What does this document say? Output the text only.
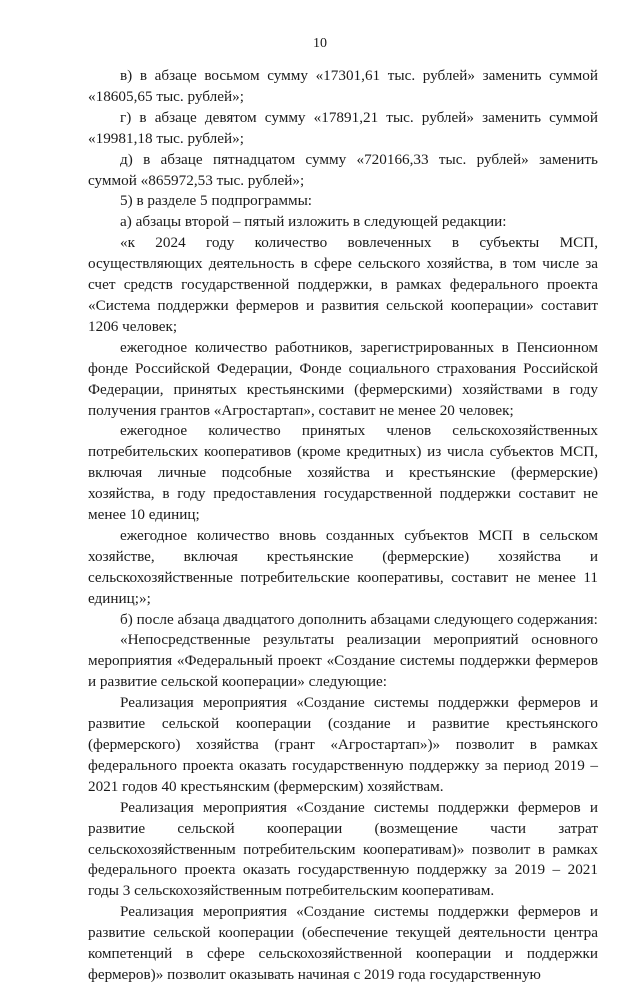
10

в) в абзаце восьмом сумму «17301,61 тыс. рублей» заменить суммой «18605,65 тыс. рублей»;

г) в абзаце девятом сумму «17891,21 тыс. рублей» заменить суммой «19981,18 тыс. рублей»;

д) в абзаце пятнадцатом сумму «720166,33 тыс. рублей» заменить суммой «865972,53 тыс. рублей»;

5) в разделе 5 подпрограммы:

а) абзацы второй – пятый изложить в следующей редакции:

«к 2024 году количество вовлеченных в субъекты МСП, осуществляющих деятельность в сфере сельского хозяйства, в том числе за счет средств государственной поддержки, в рамках федерального проекта «Система поддержки фермеров и развития сельской кооперации» составит 1206 человек;

ежегодное количество работников, зарегистрированных в Пенсионном фонде Российской Федерации, Фонде социального страхования Российской Федерации, принятых крестьянскими (фермерскими) хозяйствами в году получения грантов «Агростартап», составит не менее 20 человек;

ежегодное количество принятых членов сельскохозяйственных потребительских кооперативов (кроме кредитных) из числа субъектов МСП, включая личные подсобные хозяйства и крестьянские (фермерские) хозяйства, в году предоставления государственной поддержки составит не менее 10 единиц;

ежегодное количество вновь созданных субъектов МСП в сельском хозяйстве, включая крестьянские (фермерские) хозяйства и сельскохозяйственные потребительские кооперативы, составит не менее 11 единиц;»;

б) после абзаца двадцатого дополнить абзацами следующего содержания:

«Непосредственные результаты реализации мероприятий основного мероприятия «Федеральный проект «Создание системы поддержки фермеров и развитие сельской кооперации» следующие:

Реализация мероприятия «Создание системы поддержки фермеров и развитие сельской кооперации (создание и развитие крестьянского (фермерского) хозяйства (грант «Агростартап»)» позволит в рамках федерального проекта оказать государственную поддержку за период 2019 – 2021 годов 40 крестьянским (фермерским) хозяйствам.

Реализация мероприятия «Создание системы поддержки фермеров и развитие сельской кооперации (возмещение части затрат сельскохозяйственным потребительским кооперативам)» позволит в рамках федерального проекта оказать государственную поддержку за 2019 – 2021 годы 3 сельскохозяйственным потребительским кооперативам.

Реализация мероприятия «Создание системы поддержки фермеров и развитие сельской кооперации (обеспечение текущей деятельности центра компетенций в сфере сельскохозяйственной кооперации и поддержки фермеров)» позволит оказывать начиная с 2019 года государственную
